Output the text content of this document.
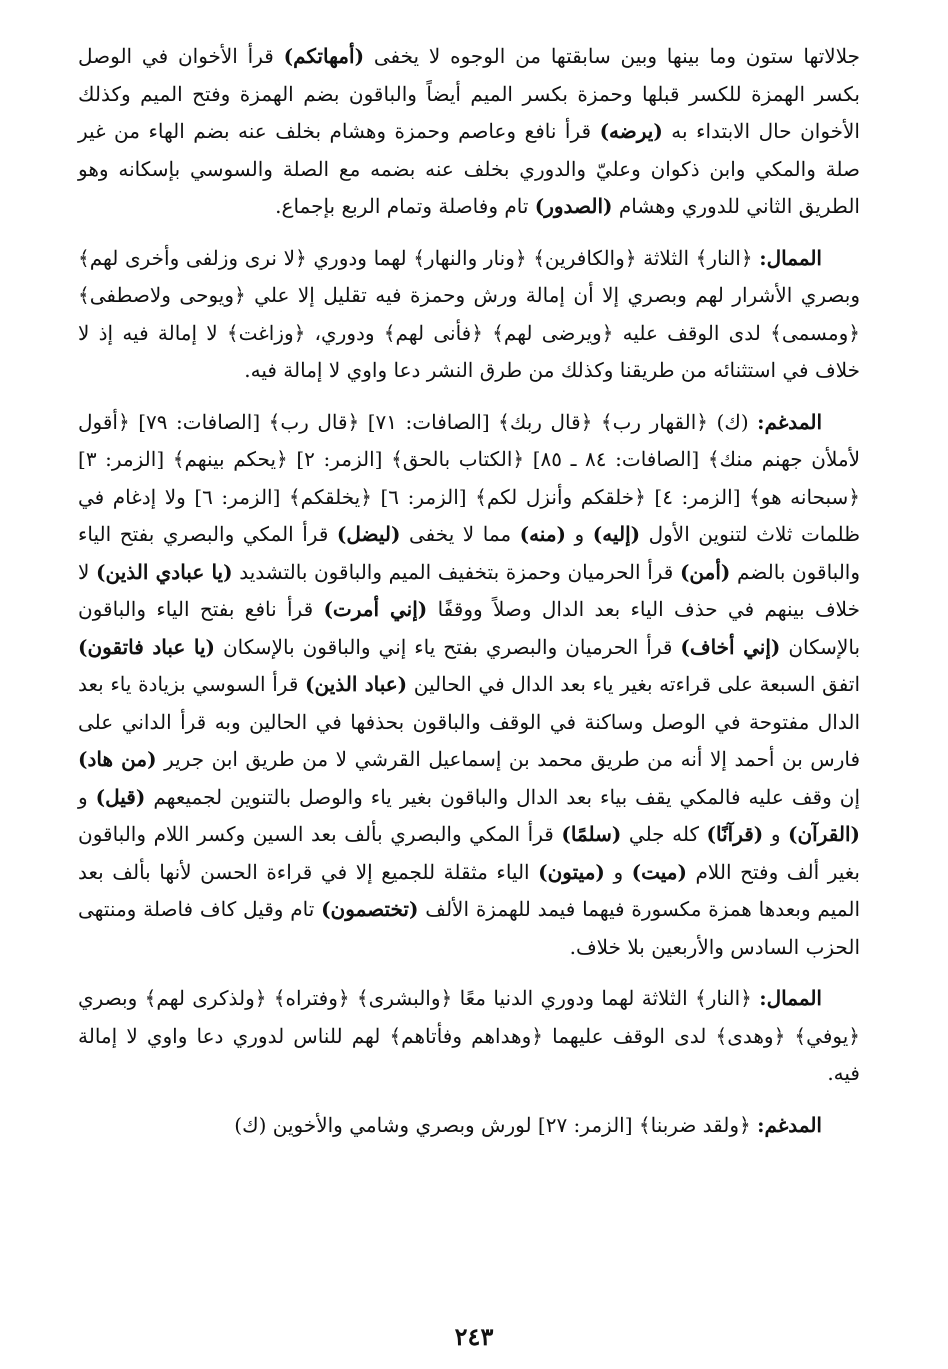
جلالاتها ستون وما بينها وبين سابقتها من الوجوه لا يخفى (أمهاتكم) قرأ الأخوان في الوصل بكسر الهمزة للكسر قبلها وحمزة بكسر الميم أيضاً والباقون بضم الهمزة وفتح الميم وكذلك الأخوان حال الابتداء به (يرضه) قرأ نافع وعاصم وحمزة وهشام بخلف عنه بضم الهاء من غير صلة والمكي وابن ذكوان وعليّ والدوري بخلف عنه بضمه مع الصلة والسوسي بإسكانه وهو الطريق الثاني للدوري وهشام (الصدور) تام وفاصلة وتمام الربع بإجماع.

الممال: ﴿النار﴾ الثلاثة ﴿والكافرين﴾ ﴿ونار والنهار﴾ لهما ودوري ﴿لا نرى وزلفى وأخرى لهم﴾ وبصري الأشرار لهم وبصري إلا أن إمالة ورش وحمزة فيه تقليل إلا علي ﴿ويوحى ولاصطفى﴾ ﴿ومسمى﴾ لدى الوقف عليه ﴿ويرضى لهم﴾ ﴿فأنى لهم﴾ ودوري، ﴿وزاغت﴾ لا إمالة فيه إذ لا خلاف في استثنائه من طريقنا وكذلك من طرق النشر دعا واوي لا إمالة فيه.

المدغم: (ك) ﴿القهار رب﴾ ﴿قال ربك﴾ [الصافات: ٧١] ﴿قال رب﴾ [الصافات: ٧٩] ﴿أقول لأملأن جهنم منك﴾ [الصافات: ٨٤ ـ ٨٥] ﴿الكتاب بالحق﴾ [الزمر: ٢] ﴿يحكم بينهم﴾ [الزمر: ٣] ﴿سبحانه هو﴾ [الزمر: ٤] ﴿خلقكم وأنزل لكم﴾ [الزمر: ٦] ﴿يخلقكم﴾ [الزمر: ٦] ولا إدغام في ظلمات ثلاث لتنوين الأول (إليه) و (منه) مما لا يخفى (ليضل) قرأ المكي والبصري بفتح الياء والباقون بالضم (أمن) قرأ الحرميان وحمزة بتخفيف الميم والباقون بالتشديد (يا عبادي الذين) لا خلاف بينهم في حذف الياء بعد الدال وصلاً ووقفًا (إني أمرت) قرأ نافع بفتح الياء والباقون بالإسكان (إني أخاف) قرأ الحرميان والبصري بفتح ياء إني والباقون بالإسكان (يا عباد فاتقون) اتفق السبعة على قراءته بغير ياء بعد الدال في الحالين (عباد الذين) قرأ السوسي بزيادة ياء بعد الدال مفتوحة في الوصل وساكنة في الوقف والباقون بحذفها في الحالين وبه قرأ الداني على فارس بن أحمد إلا أنه من طريق محمد بن إسماعيل القرشي لا من طريق ابن جرير (من هاد) إن وقف عليه فالمكي يقف بياء بعد الدال والباقون بغير ياء والوصل بالتنوين لجميعهم (قيل) و (القرآن) و (قرآنًا) كله جلي (سلمًا) قرأ المكي والبصري بألف بعد السين وكسر اللام والباقون بغير ألف وفتح اللام (ميت) و (ميتون) الياء مثقلة للجميع إلا في قراءة الحسن لأنها بألف بعد الميم وبعدها همزة مكسورة فيهما فيمد للهمزة الألف (تختصمون) تام وقيل كاف فاصلة ومنتهى الحزب السادس والأربعين بلا خلاف.

الممال: ﴿النار﴾ الثلاثة لهما ودوري الدنيا معًا ﴿والبشرى﴾ ﴿وفتراه﴾ ﴿ولذكرى لهم﴾ وبصري ﴿يوفي﴾ ﴿وهدى﴾ لدى الوقف عليهما ﴿وهداهم وفأتاهم﴾ لهم للناس لدوري دعا واوي لا إمالة فيه.

المدغم: ﴿ولقد ضربنا﴾ [الزمر: ٢٧] لورش وبصري وشامي والأخوين (ك)

٢٤٣
